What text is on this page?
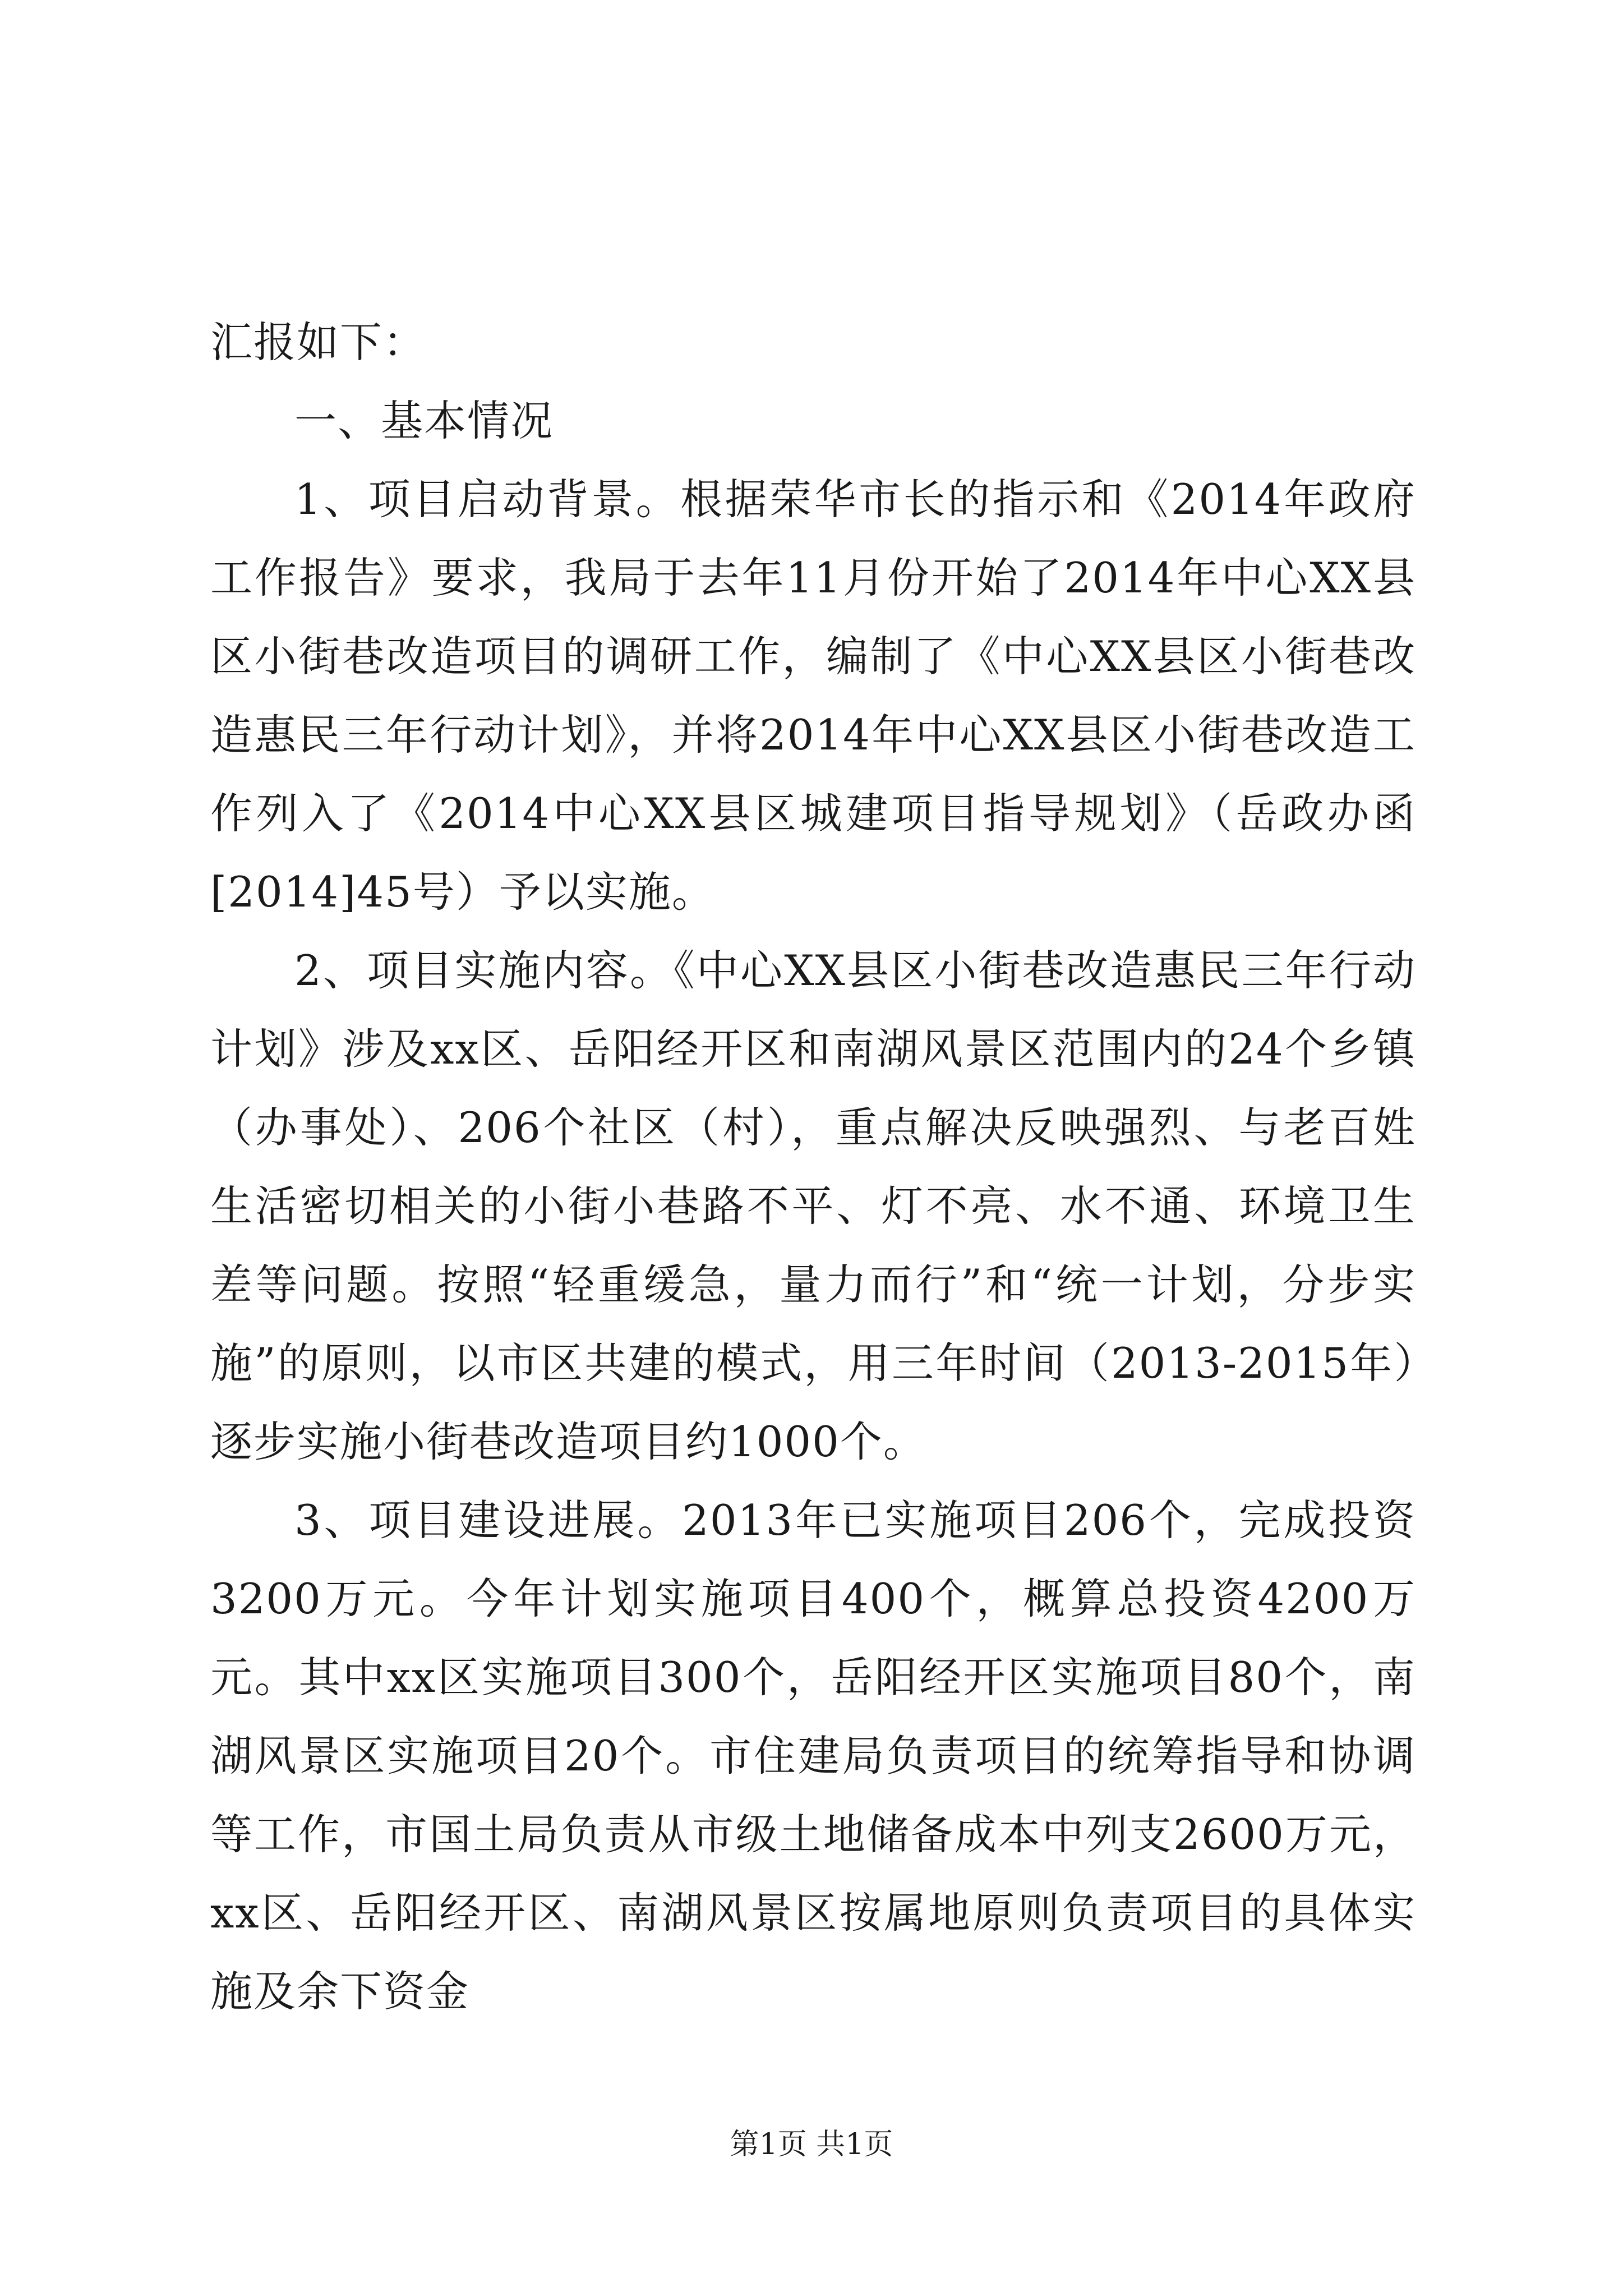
汇报如下：

一、基本情况

1、项目启动背景。根据荣华市长的指示和《2014年政府工作报告》要求，我局于去年11月份开始了2014年中心XX县区小街巷改造项目的调研工作，编制了《中心XX县区小街巷改造惠民三年行动计划》，并将2014年中心XX县区小街巷改造工作列入了《2014中心XX县区城建项目指导规划》（岳政办函[2014]45号）予以实施。

2、项目实施内容。《中心XX县区小街巷改造惠民三年行动计划》涉及xx区、岳阳经开区和南湖风景区范围内的24个乡镇（办事处）、206个社区（村），重点解决反映强烈、与老百姓生活密切相关的小街小巷路不平、灯不亮、水不通、环境卫生差等问题。按照“轻重缓急，量力而行”和“统一计划，分步实施”的原则，以市区共建的模式，用三年时间（2013-2015年）逐步实施小街巷改造项目约1000个。

3、项目建设进展。2013年已实施项目206个，完成投资3200万元。今年计划实施项目400个，概算总投资4200万元。其中xx区实施项目300个，岳阳经开区实施项目80个，南湖风景区实施项目20个。市住建局负责项目的统筹指导和协调等工作，市国土局负责从市级土地储备成本中列支2600万元，xx区、岳阳经开区、南湖风景区按属地原则负责项目的具体实施及余下资金

第1页 共1页
